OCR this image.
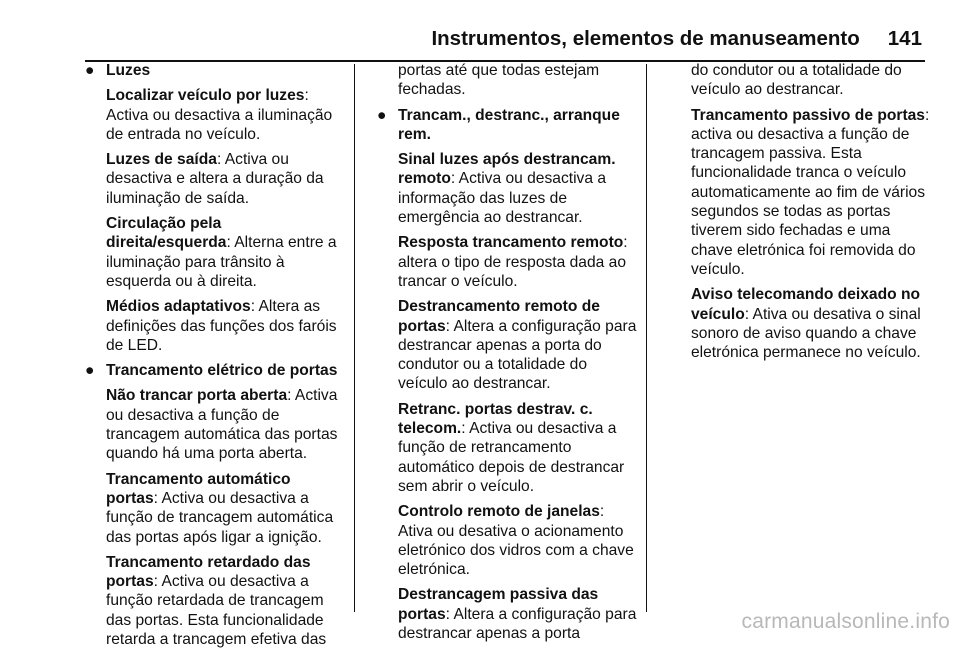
Instrumentos, elementos de manuseamento 141
● Luzes

Localizar veículo por luzes: Activa ou desactiva a iluminação de entrada no veículo.

Luzes de saída: Activa ou desactiva e altera a duração da iluminação de saída.

Circulação pela direita/esquerda: Alterna entre a iluminação para trânsito à esquerda ou à direita.

Médios adaptativos: Altera as definições das funções dos faróis de LED.

● Trancamento elétrico de portas

Não trancar porta aberta: Activa ou desactiva a função de trancagem automática das portas quando há uma porta aberta.

Trancamento automático portas: Activa ou desactiva a função de trancagem automática das portas após ligar a ignição.

Trancamento retardado das portas: Activa ou desactiva a função retardada de trancagem das portas. Esta funcionalidade retarda a trancagem efetiva das

portas até que todas estejam fechadas.

● Trancam., destranc., arranque rem.

Sinal luzes após destrancam. remoto: Activa ou desactiva a informação das luzes de emergência ao destrancar.

Resposta trancamento remoto: altera o tipo de resposta dada ao trancar o veículo.

Destrancamento remoto de portas: Altera a configuração para destrancar apenas a porta do condutor ou a totalidade do veículo ao destrancar.

Retranc. portas destrav. c. telecom.: Activa ou desactiva a função de retrancamento automático depois de destrancar sem abrir o veículo.

Controlo remoto de janelas: Ativa ou desativa o acionamento eletrónico dos vidros com a chave eletrónica.

Destrancagem passiva das portas: Altera a configuração para destrancar apenas a porta

do condutor ou a totalidade do veículo ao destrancar.

Trancamento passivo de portas: activa ou desactiva a função de trancagem passiva. Esta funcionalidade tranca o veículo automaticamente ao fim de vários segundos se todas as portas tiverem sido fechadas e uma chave eletrónica foi removida do veículo.

Aviso telecomando deixado no veículo: Ativa ou desativa o sinal sonoro de aviso quando a chave eletrónica permanece no veículo.

carmanualsonline.info
